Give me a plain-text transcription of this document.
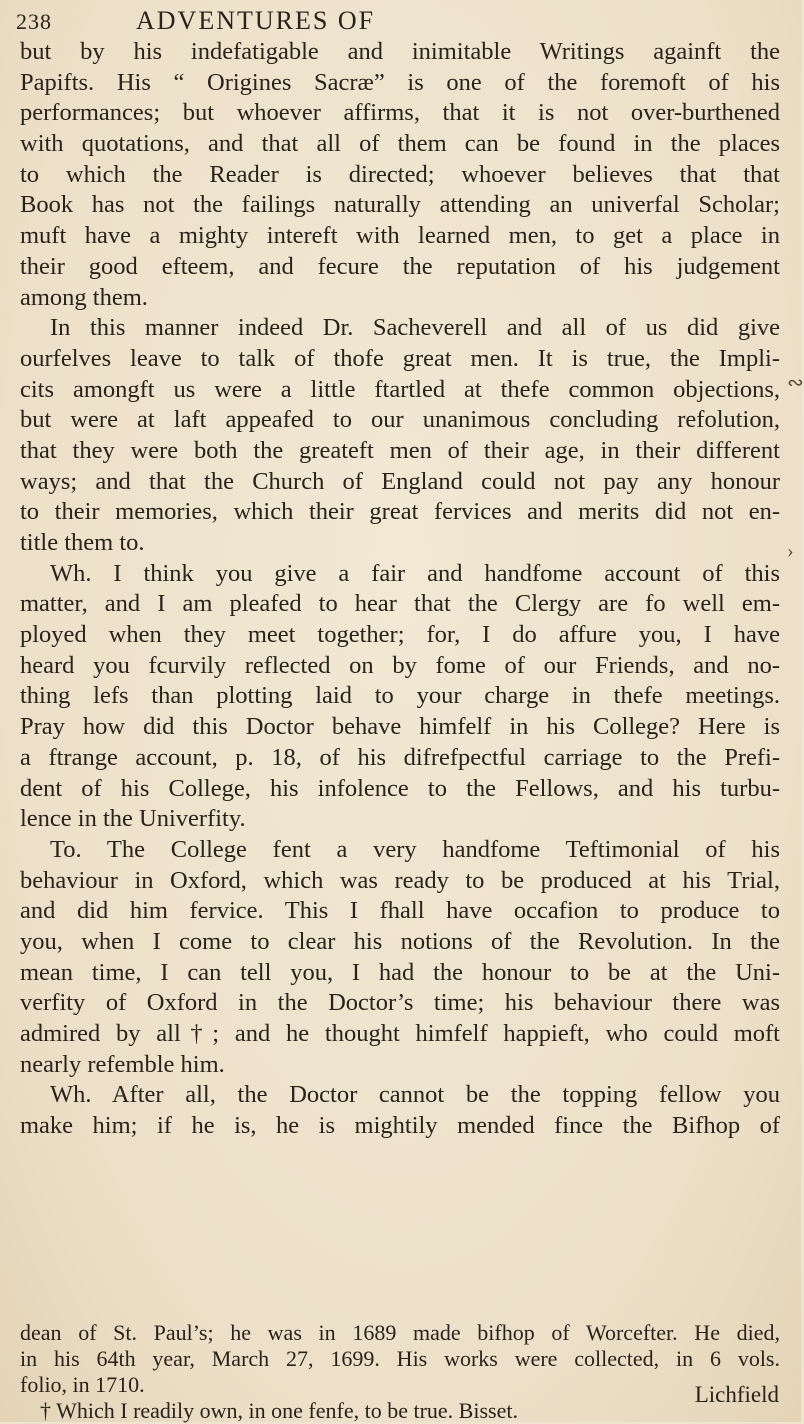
238	ADVENTURES OF
but by his indefatigable and inimitable Writings againft the
Papifts. His “ Origines Sacræ” is one of the foremoft of his
performances; but whoever affirms, that it is not over-burthened
with quotations, and that all of them can be found in the places
to which the Reader is directed; whoever believes that that
Book has not the failings naturally attending an univerfal Scholar;
muft have a mighty intereft with learned men, to get a place in
their good efteem, and fecure the reputation of his judgement
among them.
In this manner indeed Dr. Sacheverell and all of us did give
ourfelves leave to talk of thofe great men. It is true, the Impli-
cits amongft us were a little ftartled at thefe common objections,
but were at laft appeafed to our unanimous concluding refolution,
that they were both the greateft men of their age, in their different
ways; and that the Church of England could not pay any honour
to their memories, which their great fervices and merits did not en-
title them to.
Wh. I think you give a fair and handfome account of this
matter, and I am pleafed to hear that the Clergy are fo well em-
ployed when they meet together; for, I do affure you, I have
heard you fcurvily reflected on by fome of our Friends, and no-
thing lefs than plotting laid to your charge in thefe meetings.
Pray how did this Doctor behave himfelf in his College? Here is
a ftrange account, p. 18, of his difrefpectful carriage to the Prefi-
dent of his College, his infolence to the Fellows, and his turbu-
lence in the Univerfity.
To. The College fent a very handfome Teftimonial of his
behaviour in Oxford, which was ready to be produced at his Trial,
and did him fervice. This I fhall have occafion to produce to
you, when I come to clear his notions of the Revolution. In the
mean time, I can tell you, I had the honour to be at the Uni-
verfity of Oxford in the Doctor’s time; his behaviour there was
admired by all†; and he thought himfelf happieft, who could moft
nearly refemble him.
Wh. After all, the Doctor cannot be the topping fellow you
make him; if he is, he is mightily mended fince the Bifhop of
dean of St. Paul’s; he was in 1689 made bifhop of Worcefter. He died,
in his 64th year, March 27, 1699. His works were collected, in 6 vols.
folio, in 1710.
† Which I readily own, in one fenfe, to be true. Bisset.
Lichfield
∾
›
